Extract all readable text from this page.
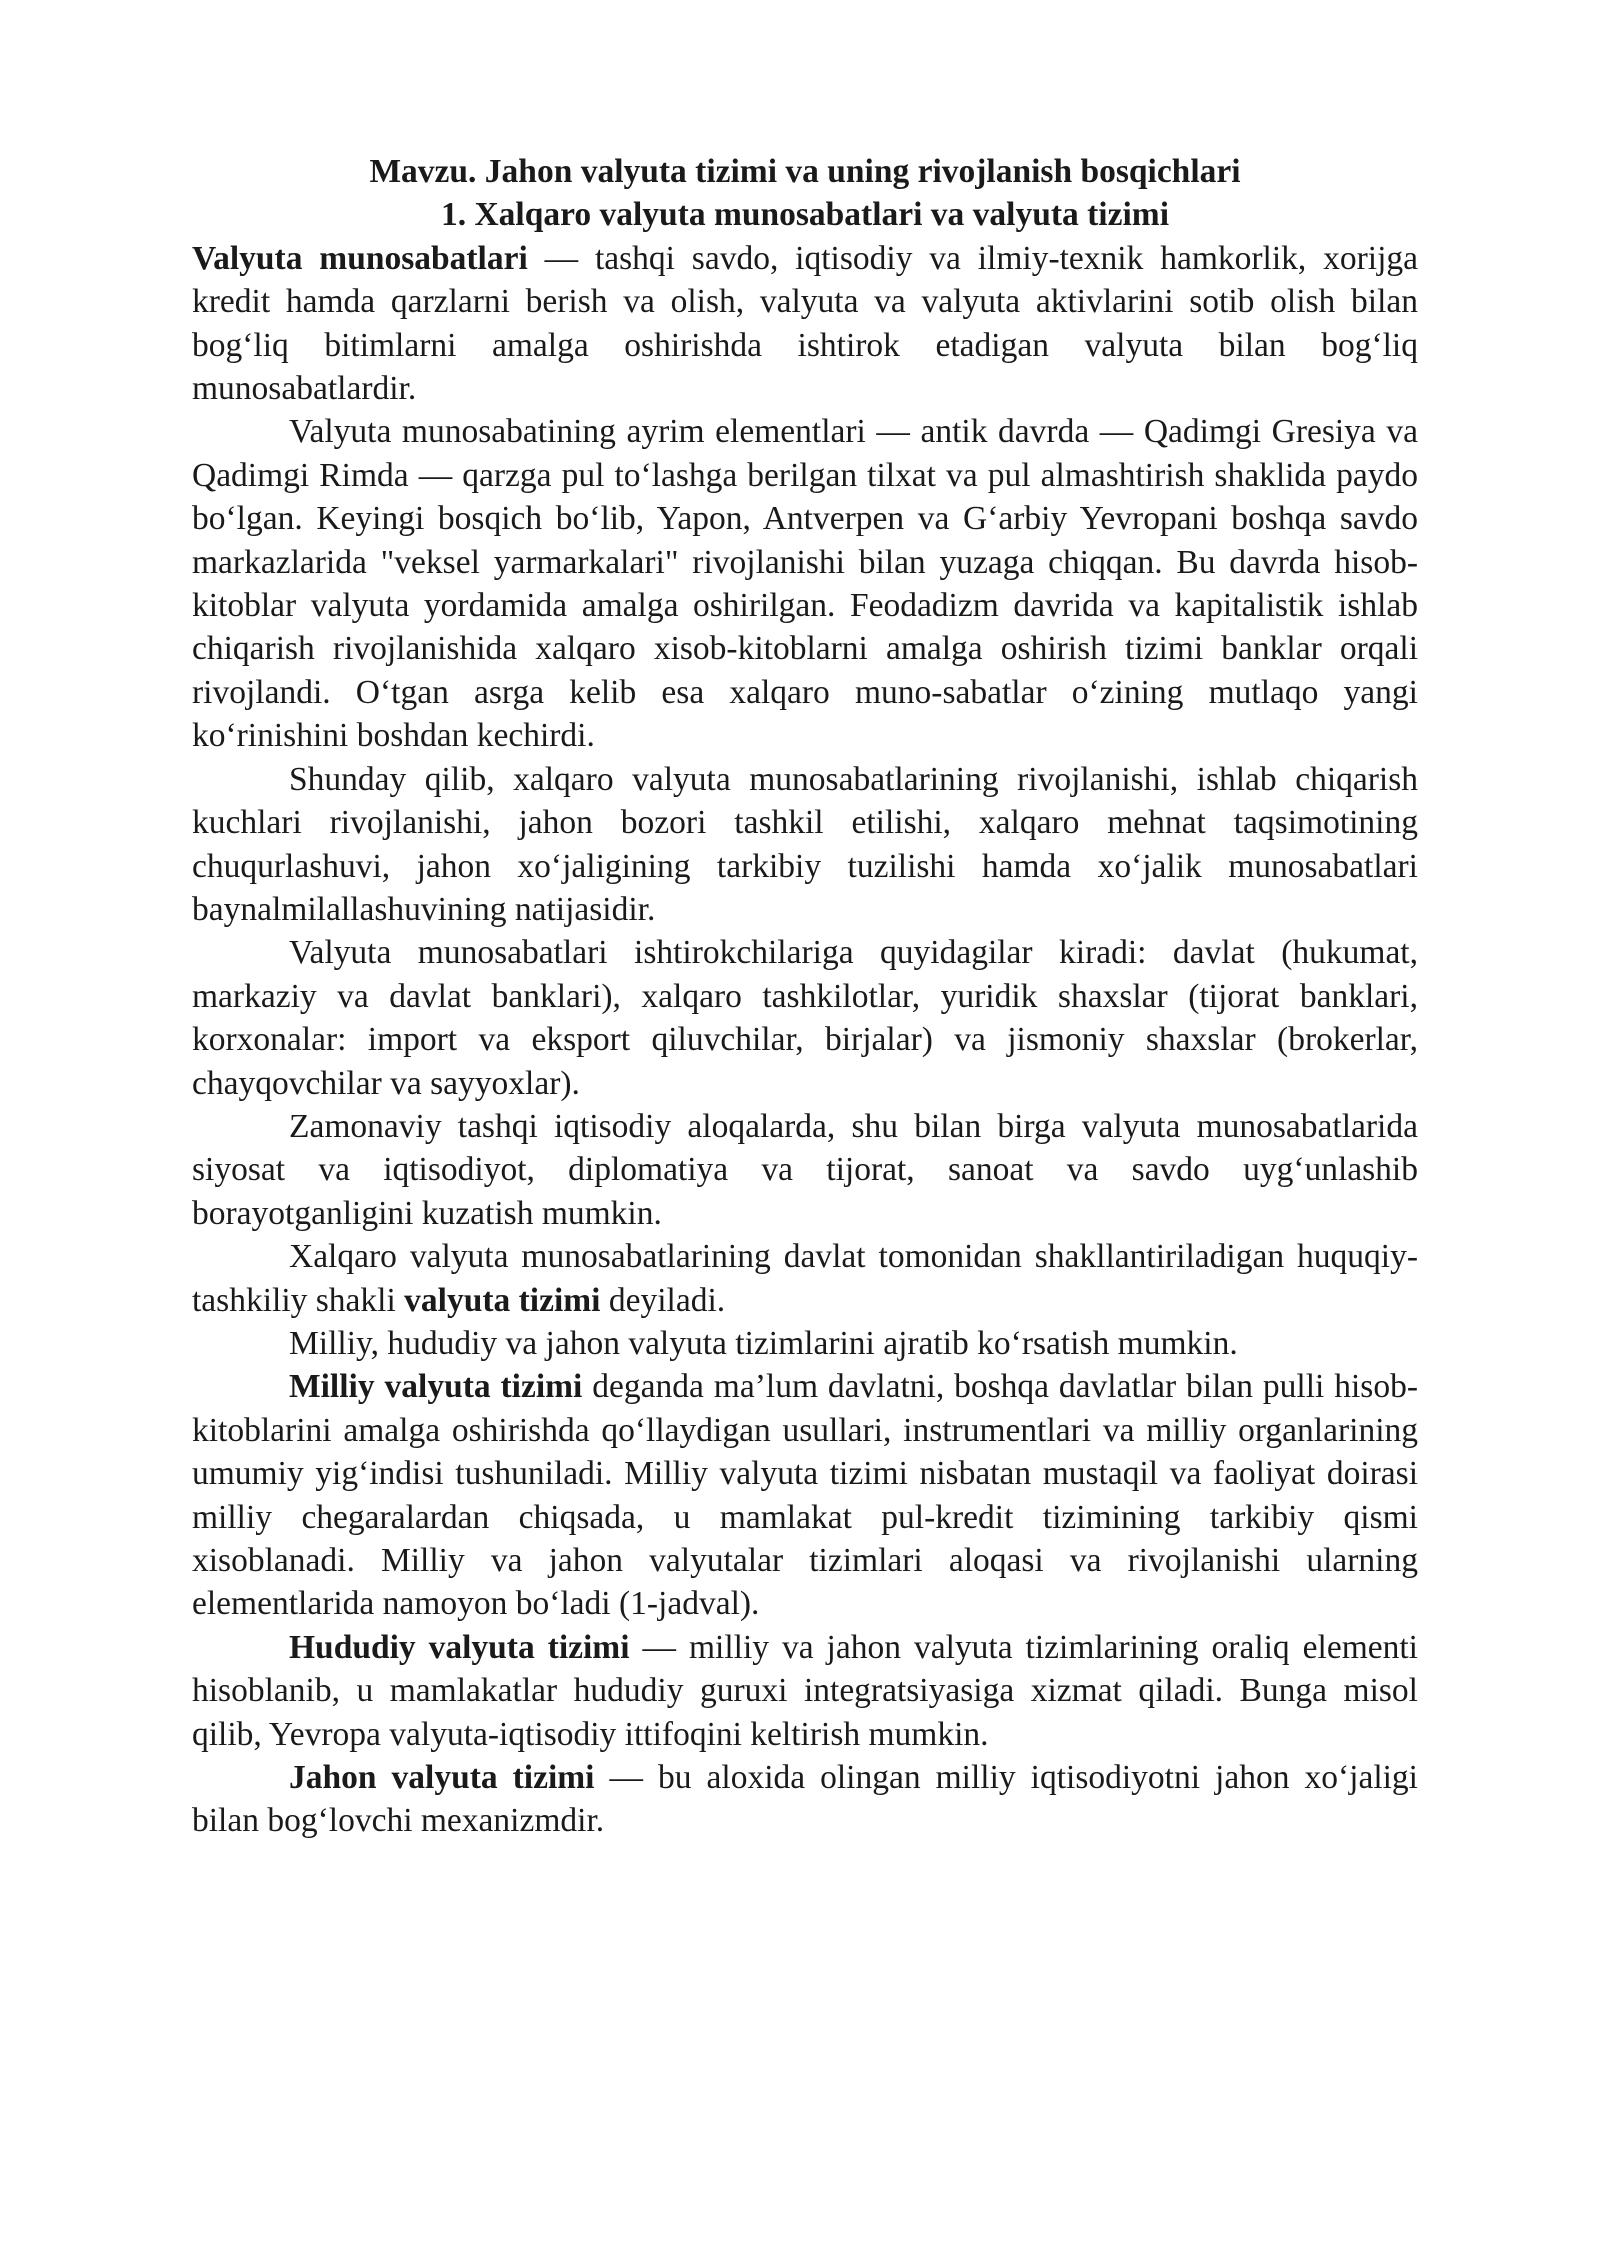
Mavzu. Jahon valyuta tizimi va uning rivojlanish bosqichlari
1. Xalqaro valyuta munosabatlari va valyuta tizimi

Valyuta munosabatlari — tashqi savdo, iqtisodiy va ilmiy-texnik hamkorlik, xorijga kredit hamda qarzlarni berish va olish, valyuta va valyuta aktivlarini sotib olish bilan bog‘liq bitimlarni amalga oshirishda ishtirok etadigan valyuta bilan bog‘liq munosabatlardir.

Valyuta munosabatining ayrim elementlari — antik davrda — Qadimgi Gresiya va Qadimgi Rimda — qarzga pul to‘lashga berilgan tilxat va pul almashtirish shaklida paydo bo‘lgan. Keyingi bosqich bo‘lib, Yapon, Antverpen va G‘arbiy Yevropani boshqa savdo markazlarida "veksel yarmarkalari" rivojlanishi bilan yuzaga chiqqan. Bu davrda hisob-kitoblar valyuta yordamida amalga oshirilgan. Feodadizm davrida va kapitalistik ishlab chiqarish rivojlanishida xalqaro xisob-kitoblarni amalga oshirish tizimi banklar orqali rivojlandi. O‘tgan asrga kelib esa xalqaro muno-sabatlar o‘zining mutlaqo yangi ko‘rinishini boshdan kechirdi.

Shunday qilib, xalqaro valyuta munosabatlarining rivojlanishi, ishlab chiqarish kuchlari rivojlanishi, jahon bozori tashkil etilishi, xalqaro mehnat taqsimotining chuqurlashuvi, jahon xo‘jaligining tarkibiy tuzilishi hamda xo‘jalik munosabatlari baynalmilallashuvining natijasidir.

Valyuta munosabatlari ishtirokchilariga quyidagilar kiradi: davlat (hukumat, markaziy va davlat banklari), xalqaro tashkilotlar, yuridik shaxslar (tijorat banklari, korxonalar: import va eksport qiluvchilar, birjalar) va jismoniy shaxslar (brokerlar, chayqovchilar va sayyoxlar).

Zamonaviy tashqi iqtisodiy aloqalarda, shu bilan birga valyuta munosabatlarida siyosat va iqtisodiyot, diplomatiya va tijorat, sanoat va savdo uyg‘unlashib borayotganligini kuzatish mumkin.

Xalqaro valyuta munosabatlarining davlat tomonidan shakllantiriladigan huquqiy-tashkiliy shakli valyuta tizimi deyiladi.

Milliy, hududiy va jahon valyuta tizimlarini ajratib ko‘rsatish mumkin.

Milliy valyuta tizimi deganda ma’lum davlatni, boshqa davlatlar bilan pulli hisob-kitoblarini amalga oshirishda qo‘llaydigan usullari, instrumentlari va milliy organlarining umumiy yig‘indisi tushuniladi. Milliy valyuta tizimi nisbatan mustaqil va faoliyat doirasi milliy chegaralardan chiqsada, u mamlakat pul-kredit tizimining tarkibiy qismi xisoblanadi. Milliy va jahon valyutalar tizimlari aloqasi va rivojlanishi ularning elementlarida namoyon bo‘ladi (1-jadval).

Hududiy valyuta tizimi — milliy va jahon valyuta tizimlarining oraliq elementi hisoblanib, u mamlakatlar hududiy guruxi integratsiyasiga xizmat qiladi. Bunga misol qilib, Yevropa valyuta-iqtisodiy ittifoqini keltirish mumkin.

Jahon valyuta tizimi — bu aloxida olingan milliy iqtisodiyotni jahon xo‘jaligi bilan bog‘lovchi mexanizmdir.
